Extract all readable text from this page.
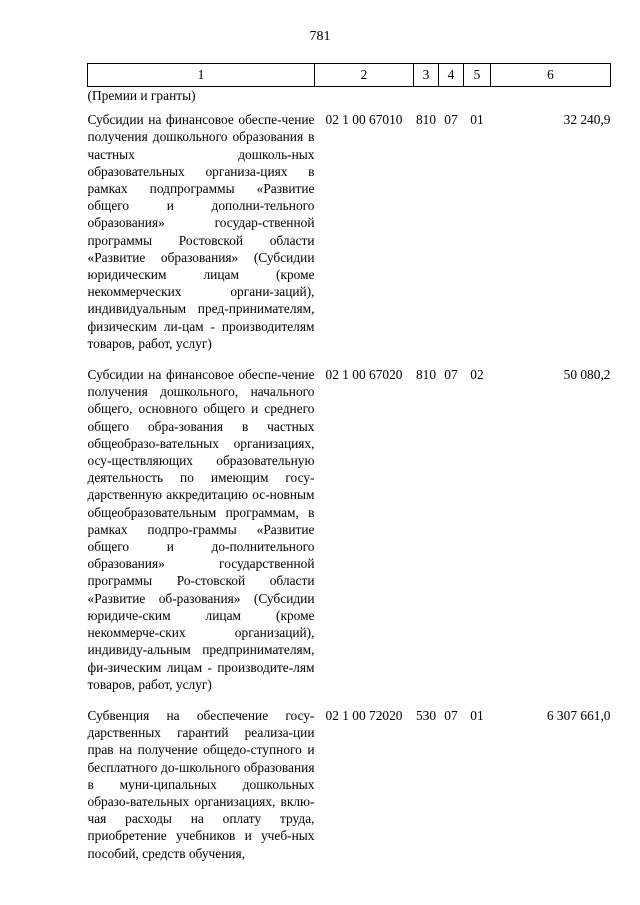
781
1	2	3	4	5	6
(Премии и гранты)					
Субсидии на финансовое обеспе-чение получения дошкольного образования в частных дошколь-ных образовательных организа-циях в рамках подпрограммы «Развитие общего и дополни-тельного образования» государ-ственной программы Ростовской области «Развитие образования» (Субсидии юридическим лицам (кроме некоммерческих органи-заций), индивидуальным пред-принимателям, физическим ли-цам - производителям товаров, работ, услуг)	02 1 00 67010	810	07	01	32 240,9
Субсидии на финансовое обеспе-чение получения дошкольного, начального общего, основного общего и среднего общего обра-зования в частных общеобразо-вательных организациях, осу-ществляющих образовательную деятельность по имеющим госу-дарственную аккредитацию ос-новным общеобразовательным программам, в рамках подпро-граммы «Развитие общего и до-полнительного образования» государственной программы Ро-стовской области «Развитие об-разования» (Субсидии юридиче-ским лицам (кроме некоммерче-ских организаций), индивиду-альным предпринимателям, фи-зическим лицам - производите-лям товаров, работ, услуг)	02 1 00 67020	810	07	02	50 080,2
Субвенция на обеспечение госу-дарственных гарантий реализа-ции прав на получение общедо-ступного и бесплатного до-школьного образования в муни-ципальных дошкольных образо-вательных организациях, вклю-чая расходы на оплату труда, приобретение учебников и учеб-ных пособий, средств обучения,	02 1 00 72020	530	07	01	6 307 661,0
